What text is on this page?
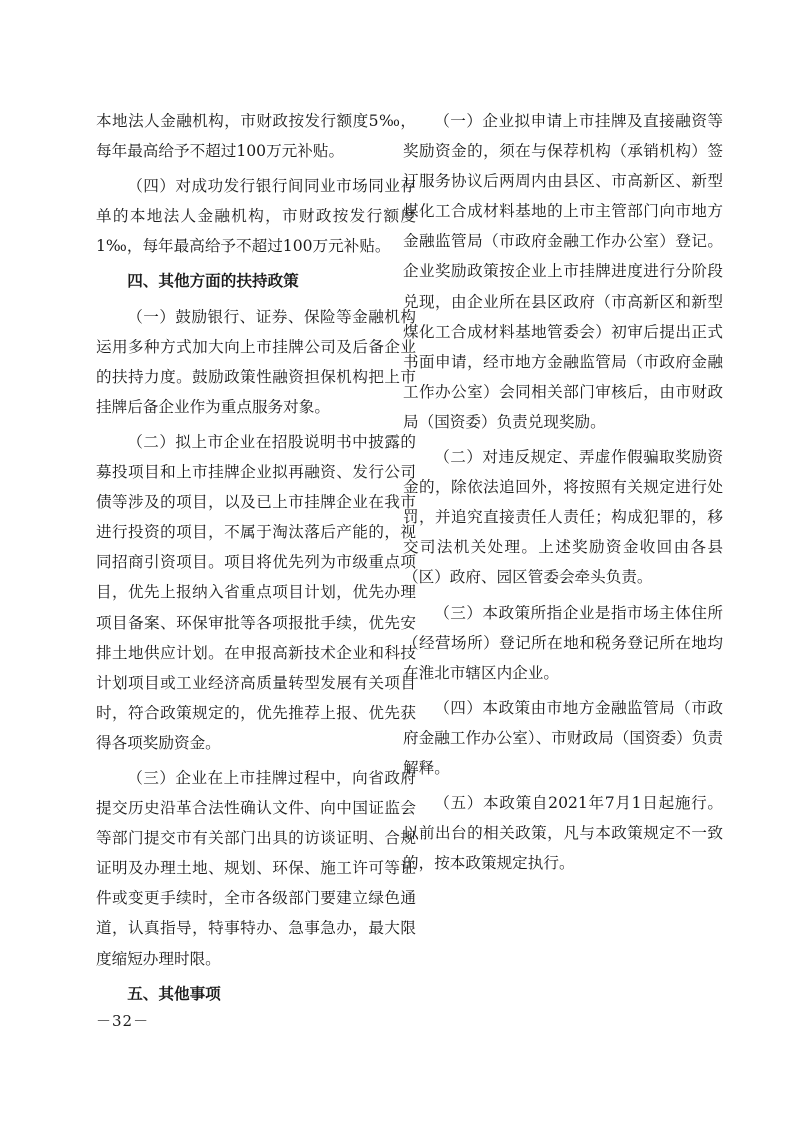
本地法人金融机构，市财政按发行额度5‰，每年最高给予不超过100万元补贴。

（四）对成功发行银行间同业市场同业存单的本地法人金融机构，市财政按发行额度1‰，每年最高给予不超过100万元补贴。

四、其他方面的扶持政策

（一）鼓励银行、证券、保险等金融机构运用多种方式加大向上市挂牌公司及后备企业的扶持力度。鼓励政策性融资担保机构把上市挂牌后备企业作为重点服务对象。

（二）拟上市企业在招股说明书中披露的募投项目和上市挂牌企业拟再融资、发行公司债等涉及的项目，以及已上市挂牌企业在我市进行投资的项目，不属于淘汰落后产能的，视同招商引资项目。项目将优先列为市级重点项目，优先上报纳入省重点项目计划，优先办理项目备案、环保审批等各项报批手续，优先安排土地供应计划。在申报高新技术企业和科技计划项目或工业经济高质量转型发展有关项目时，符合政策规定的，优先推荐上报、优先获得各项奖励资金。

（三）企业在上市挂牌过程中，向省政府提交历史沿革合法性确认文件、向中国证监会等部门提交市有关部门出具的访谈证明、合规证明及办理土地、规划、环保、施工许可等证件或变更手续时，全市各级部门要建立绿色通道，认真指导，特事特办、急事急办，最大限度缩短办理时限。

五、其他事项

（一）企业拟申请上市挂牌及直接融资等奖励资金的，须在与保荐机构（承销机构）签订服务协议后两周内由县区、市高新区、新型煤化工合成材料基地的上市主管部门向市地方金融监管局（市政府金融工作办公室）登记。企业奖励政策按企业上市挂牌进度进行分阶段兑现，由企业所在县区政府（市高新区和新型煤化工合成材料基地管委会）初审后提出正式书面申请，经市地方金融监管局（市政府金融工作办公室）会同相关部门审核后，由市财政局（国资委）负责兑现奖励。

（二）对违反规定、弄虚作假骗取奖励资金的，除依法追回外，将按照有关规定进行处罚，并追究直接责任人责任；构成犯罪的，移交司法机关处理。上述奖励资金收回由各县（区）政府、园区管委会牵头负责。

（三）本政策所指企业是指市场主体住所（经营场所）登记所在地和税务登记所在地均在淮北市辖区内企业。

（四）本政策由市地方金融监管局（市政府金融工作办公室）、市财政局（国资委）负责解释。

（五）本政策自2021年7月1日起施行。以前出台的相关政策，凡与本政策规定不一致的，按本政策规定执行。

－32－
